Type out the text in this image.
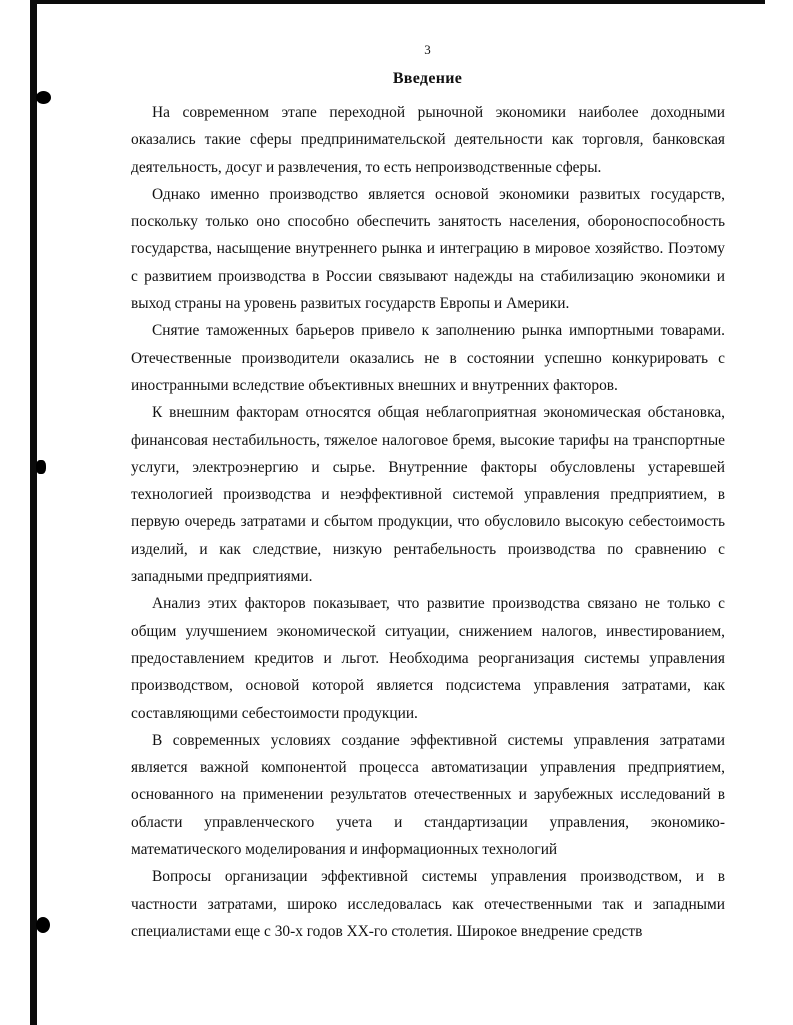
3
Введение

На современном этапе переходной рыночной экономики наиболее доходными оказались такие сферы предпринимательской деятельности как торговля, банковская деятельность, досуг и развлечения, то есть непроизводственные сферы.

Однако именно производство является основой экономики развитых государств, поскольку только оно способно обеспечить занятость населения, обороноспособность государства, насыщение внутреннего рынка и интеграцию в мировое хозяйство. Поэтому с развитием производства в России связывают надежды на стабилизацию экономики и выход страны на уровень развитых государств Европы и Америки.

Снятие таможенных барьеров привело к заполнению рынка импортными товарами. Отечественные производители оказались не в состоянии успешно конкурировать с иностранными вследствие объективных внешних и внутренних факторов.

К внешним факторам относятся общая неблагоприятная экономическая обстановка, финансовая нестабильность, тяжелое налоговое бремя, высокие тарифы на транспортные услуги, электроэнергию и сырье. Внутренние факторы обусловлены устаревшей технологией производства и неэффективной системой управления предприятием, в первую очередь затратами и сбытом продукции, что обусловило высокую себестоимость изделий, и как следствие, низкую рентабельность производства по сравнению с западными предприятиями.

Анализ этих факторов показывает, что развитие производства связано не только с общим улучшением экономической ситуации, снижением налогов, инвестированием, предоставлением кредитов и льгот. Необходима реорганизация системы управления производством, основой которой является подсистема управления затратами, как составляющими себестоимости продукции.

В современных условиях создание эффективной системы управления затратами является важной компонентой процесса автоматизации управления предприятием, основанного на применении результатов отечественных и зарубежных исследований в области управленческого учета и стандартизации управления, экономико-математического моделирования и информационных технологий

Вопросы организации эффективной системы управления производством, и в частности затратами, широко исследовалась как отечественными так и западными специалистами еще с 30-х годов XX-го столетия. Широкое внедрение средств
